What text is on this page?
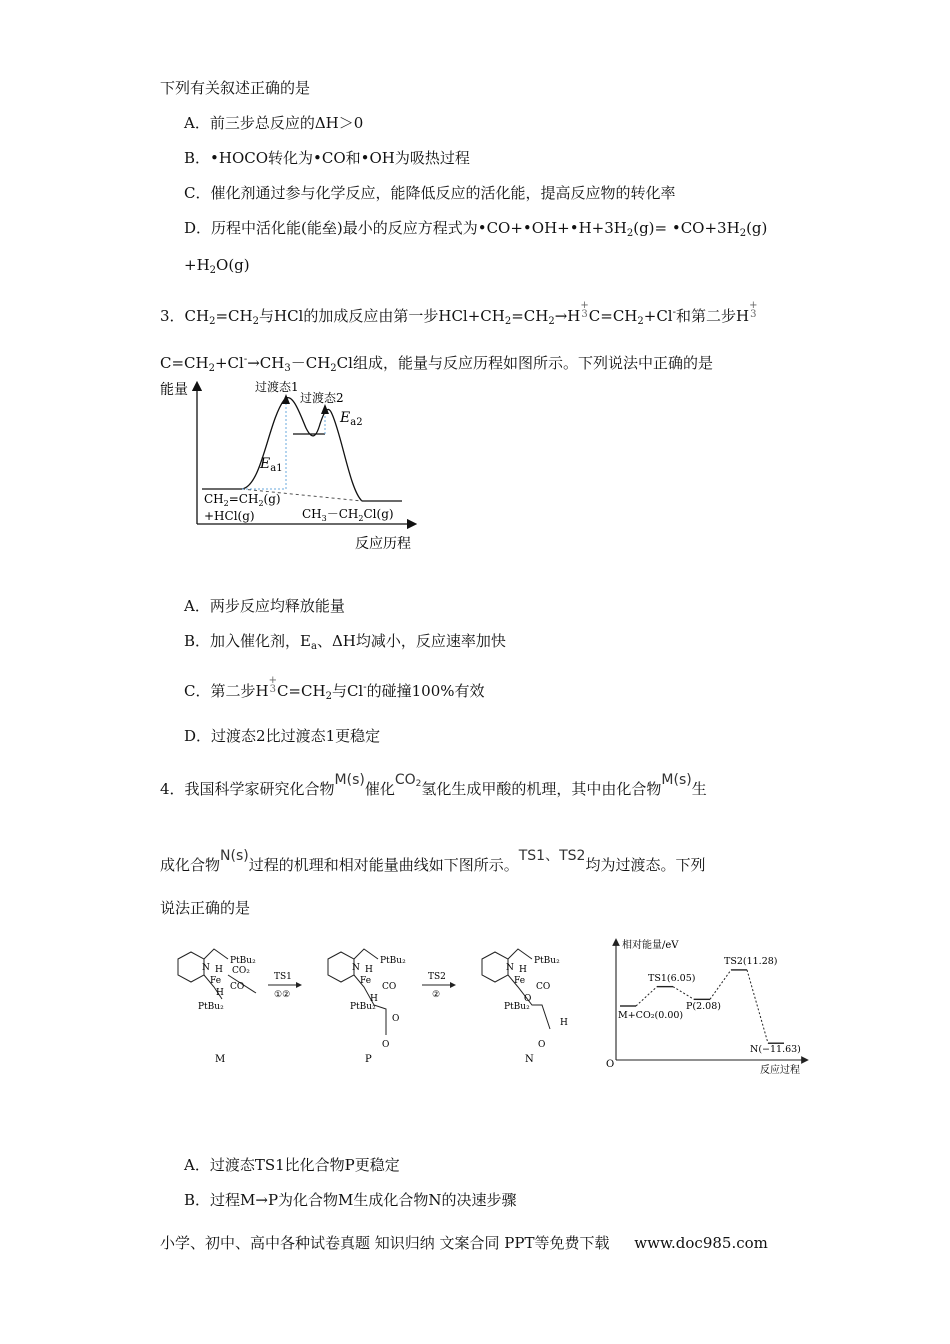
下列有关叙述正确的是
A．前三步总反应的ΔH＞0
B．•HOCO转化为•CO和•OH为吸热过程
C．催化剂通过参与化学反应，能降低反应的活化能，提高反应物的转化率
D．历程中活化能(能垒)最小的反应方程式为$•CO+•OH+•H+3H_2(g)=$ $•CO+3H_2(g)$
$+H_2O(g)$
3．$CH_2=CH_2$与HCl的加成反应由第一步$HCl+CH_2=CH_2\to H$
+
3 $C=CH_2+Cl^-$和第二步H
+
3
$C=CH_2+Cl^-\to CH_3-CH_2Cl$组成，能量与反应历程如图所示。下列说法中正确的是
能量
反应历程
过渡态1
过渡态2
$E_{a1}$
$E_{a2}$
$CH_2=CH_2(g)$
+HCl(g)	$CH_3-CH_2Cl(g)$
A．两步反应均释放能量
B．加入催化剂，$E_a$、ΔH均减小，反应速率加快
C．第二步H
+
3 $C=CH_2$与Cl-的碰撞100%有效
D．过渡态2比过渡态1更稳定
4．我国科学家研究化合物M(s)催化CO2氢化生成甲酸的机理，其中由化合物M(s)生
成化合物N(s)过程的机理和相对能量曲线如下图所示。TS1、TS2均为过渡态。下列
说法正确的是
PtBu₂
PtBu₂
N
Fe
H
H
CO
CO₂
M
TS1
①②
PtBu₂
PtBu₂
N
Fe
H
H
CO
O
O
P
TS2
②
PtBu₂
PtBu₂
N
Fe
H
CO
O
H
O
N
相对能量/eV
反应过程
O
M+CO₂(0.00)
TS1(6.05)
P(2.08)
TS2(11.28)
N(−11.63)
A．过渡态TS1比化合物P更稳定
B．过程M→P为化合物M生成化合物N的决速步骤
小学、初中、高中各种试卷真题 知识归纳 文案合同 PPT等免费下载 www.doc985.com
